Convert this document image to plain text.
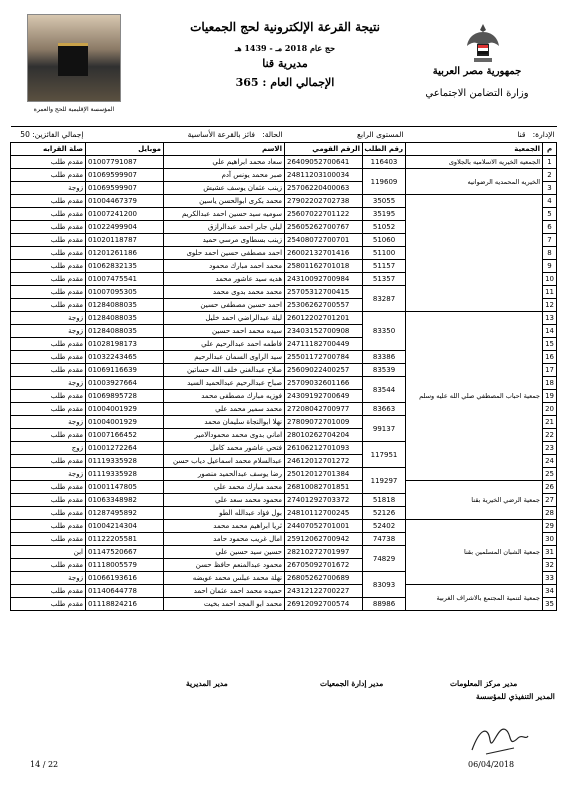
المؤسسة الإقليمية للحج والعمرة
نتيجة القرعة الإلكترونية لحج الجمعيات
حج عام 2018 مـ - 1439 هـ
مديرية قنا
الإجمالي العام : 365
جمهورية مصر العربية
وزارة التضامن الاجتماعي
الإدارة:   قنا		المستوى الرابع		الحالة:   فائز بالقرعة الأساسية		إجمالي الفائزين: 50
م	الجمعية	رقم الطلب	الرقم القومي	الاسم	موبايل	صلة القرابه
1	الجمعيه الخيريه الاسلاميه بالجلاوى	116403	26409052700641	سعاد محمد ابراهيم علي	01007791087	مقدم طلب
2	الخيريه المحمديه الرضوانيه	119609	24811203100034	صبر محمد يونس آدم	01069599907	مقدم طلب
3			25706220400063	زينب عثمان يوسف عشيش	01069599907	زوجة
4		35055	27902202702738	محمد بكرى ابوالحسن ياسين	01004467379	مقدم طلب
5		35195	25607022701122	سوميه سيد حسين احمد عبدالكريم	01007241200	مقدم طلب
6		51052	25605262700767	ليلي جابر احمد عبدالرازق	01022499904	مقدم طلب
7		51060	25408072700701	زينب بسطاوى مرسي حميد	01020118787	مقدم طلب
8		51100	26002132701416	احمد مصطفى حسين احمد حلوى	01201261186	مقدم طلب
9		51157	25801162701018	محمد احمد مبارك محمود	01062832135	مقدم طلب
10		51357	24310092700984	هديه سيد عاشور محمد	01007475541	مقدم طلب
11		83287	25705312700415	محمد محمد بدوى محمد	01007095305	مقدم طلب
12			25306262700557	احمد حسين مصطفى حسين	01284088035	مقدم طلب
13	جمعية احباب المصطفي صلي الله عليه وسلم	83350	26012202701201	ليلة عبدالراضي احمد خليل	01284088035	زوجة
14			23403152700908	سيده محمد احمد حسين	01284088035	زوجة
15			24711182700449	فاطمه احمد عبدالرحيم علي	01028198173	مقدم طلب
16		83386	25501172700784	سيد الراوى السمان عبدالرحيم	01032243465	مقدم طلب
17		83539	25609022400257	صلاح عبدالغني خلف الله حساتين	01069116639	مقدم طلب
18		83544	25709032601166	صباح عبدالرحيم عبدالحميد السيد	01003927664	زوجة
19			24309192700649	فوزيه مبارك مصطفى محمد	01069895728	مقدم طلب
20		83663	27208042700977	محمد سمير محمد علي	01004001929	مقدم طلب
21		99137	27809072701009	نهلا ابوالنجاة سليمان محمد	01004001929	زوجة
22			28010262704204	اماني بدوى محمد محمودالامير	01007166452	مقدم طلب
23		117951	26106212701093	فتحي عاشور محمد كامل	01001272264	زوج
24			24612012701272	عبدالسلام محمد اسماعيل دياب حسن	01119335928	مقدم طلب
25		119297	25012012701384	رضا يوسف عبدالحميد منصور	01119335928	زوجة
26	جمعية الرضي الخيرية بقنا		26810082701851	محمد مبارك محمد علي	01001147805	مقدم طلب
27		51818	27401292703372	محمود محمد سعد علي	01063348982	مقدم طلب
28		52126	24810112700245	بول فؤاد عبدالله الطو	01287495892	مقدم طلب
29	جمعية الشبان المسلمين بقنا	52402	24407052701001	ثريا ابراهيم محمد محمد	01004214304	مقدم طلب
30		74738	25912062700942	امال غريب محمود حامد	01122205581	مقدم طلب
31		74829	28210272701997	حسين سيد حسين علي	01147520667	ابن
32			26705092701672	محمود عبدالمنعم حافظ حسن	01118005579	مقدم طلب
33		83093	26805262700689	نهلة محمد عبلس محمد عويضه	01066193616	زوجة
34	جمعية لتنمية المجتمع بالاشراف الغربية		24312122700227	حميده محمد احمد عثمان احمد	01140644778	مقدم طلب
35		88986	26912092700574	محمد ابو المجد احمد بخيت	01118824216	مقدم طلب
مدير مركز المعلومات
مدير إدارة الجمعيات
مدير المديرية
المدير التنفيذي للمؤسسة
14 / 22	06/04/2018
